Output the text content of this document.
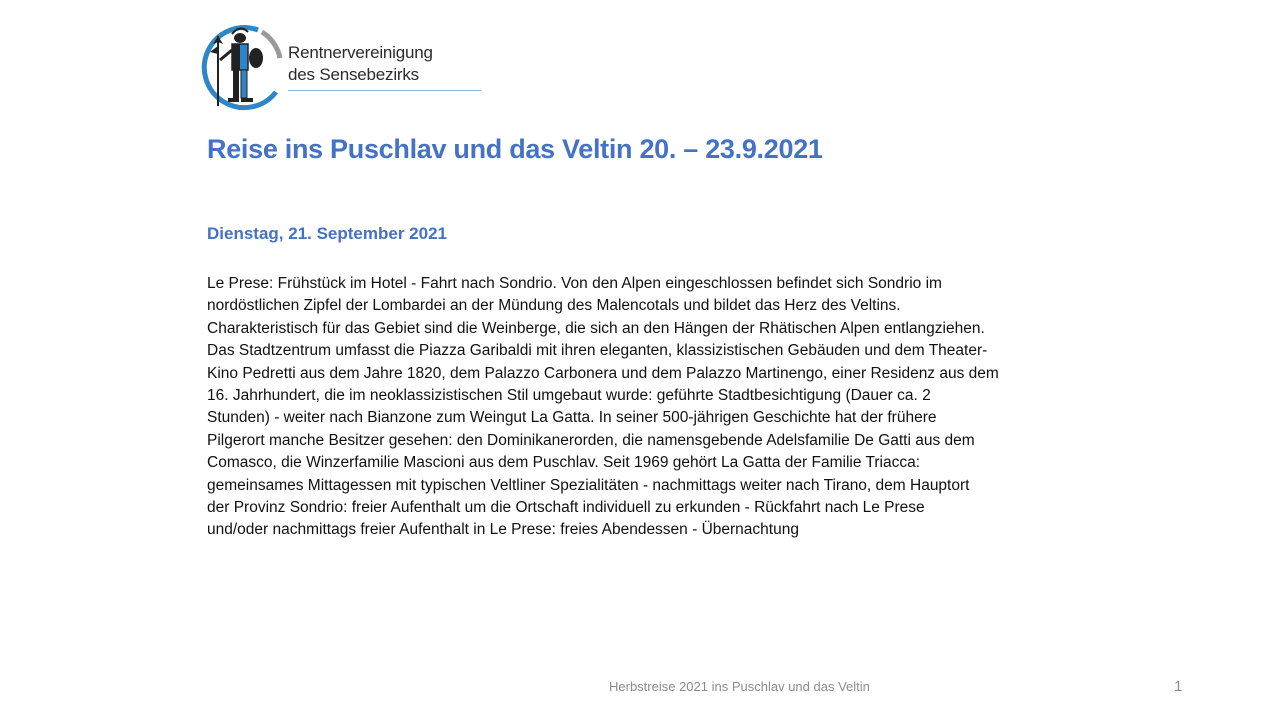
Rentnervereinigung
des Sensebezirks
Reise ins Puschlav und das Veltin 20. – 23.9.2021
Dienstag, 21. September 2021
Le Prese: Frühstück im Hotel - Fahrt nach Sondrio. Von den Alpen eingeschlossen befindet sich Sondrio im
nordöstlichen Zipfel der Lombardei an der Mündung des Malencotals und bildet das Herz des Veltins.
Charakteristisch für das Gebiet sind die Weinberge, die sich an den Hängen der Rhätischen Alpen entlangziehen.
Das Stadtzentrum umfasst die Piazza Garibaldi mit ihren eleganten, klassizistischen Gebäuden und dem Theater-
Kino Pedretti aus dem Jahre 1820, dem Palazzo Carbonera und dem Palazzo Martinengo, einer Residenz aus dem
16. Jahrhundert, die im neoklassizistischen Stil umgebaut wurde: geführte Stadtbesichtigung (Dauer ca. 2
Stunden) - weiter nach Bianzone zum Weingut La Gatta. In seiner 500-jährigen Geschichte hat der frühere
Pilgerort manche Besitzer gesehen: den Dominikanerorden, die namensgebende Adelsfamilie De Gatti aus dem
Comasco, die Winzerfamilie Mascioni aus dem Puschlav. Seit 1969 gehört La Gatta der Familie Triacca:
gemeinsames Mittagessen mit typischen Veltliner Spezialitäten - nachmittags weiter nach Tirano, dem Hauptort
der Provinz Sondrio: freier Aufenthalt um die Ortschaft individuell zu erkunden - Rückfahrt nach Le Prese
und/oder nachmittags freier Aufenthalt in Le Prese: freies Abendessen - Übernachtung
Herbstreise 2021 ins Puschlav und das Veltin	1
